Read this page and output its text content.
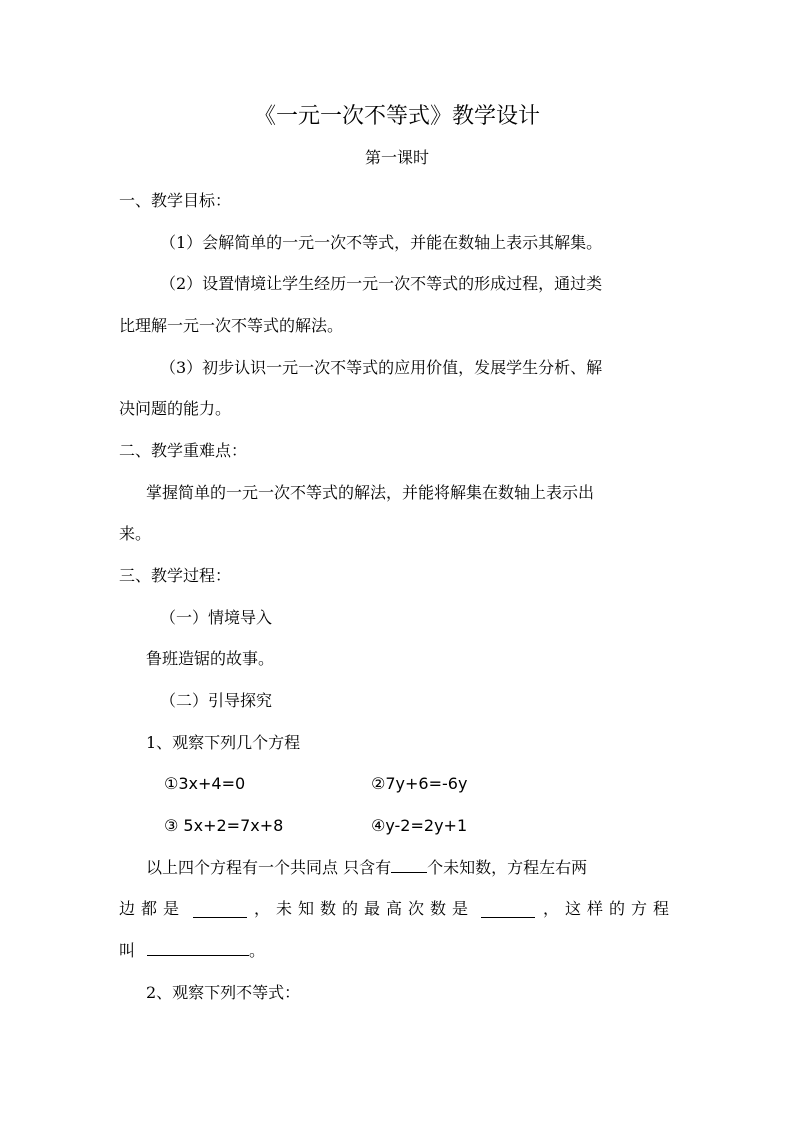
《一元一次不等式》教学设计
第一课时
一、教学目标：
（1）会解简单的一元一次不等式，并能在数轴上表示其解集。
（2）设置情境让学生经历一元一次不等式的形成过程，通过类
比理解一元一次不等式的解法。
（3）初步认识一元一次不等式的应用价值，发展学生分析、解
决问题的能力。
二、教学重难点：
掌握简单的一元一次不等式的解法，并能将解集在数轴上表示出
来。
三、教学过程：
（一）情境导入
鲁班造锯的故事。
（二）引导探究
1、观察下列几个方程
①3x+4=0	②7y+6=-6y
③ 5x+2=7x+8	④y-2=2y+1
以上四个方程有一个共同点 只含有 个未知数，方程左右两
边都是	，未知数的最高次数是	，这样的方程
叫	。
2、观察下列不等式：
